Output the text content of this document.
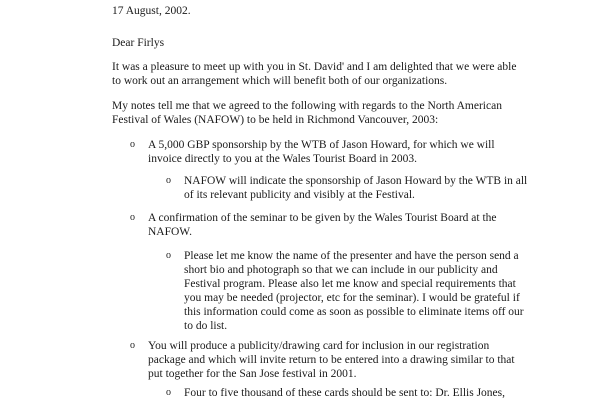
17 August, 2002.
Dear Firlys
It was a pleasure to meet up with you in St. David' and I am delighted that we were able
to work out an arrangement which will benefit both of our organizations.
My notes tell me that we agreed to the following with regards to the North American
Festival of Wales (NAFOW) to be held in Richmond Vancouver, 2003:
o A 5,000 GBP sponsorship by the WTB of Jason Howard, for which we will
invoice directly to you at the Wales Tourist Board in 2003.
o NAFOW will indicate the sponsorship of Jason Howard by the WTB in all
of its relevant publicity and visibly at the Festival.
o A confirmation of the seminar to be given by the Wales Tourist Board at the
NAFOW.
o Please let me know the name of the presenter and have the person send a
short bio and photograph so that we can include in our publicity and
Festival program. Please also let me know and special requirements that
you may be needed (projector, etc for the seminar). I would be grateful if
this information could come as soon as possible to eliminate items off our
to do list.
o You will produce a publicity/drawing card for inclusion in our registration
package and which will invite return to be entered into a drawing similar to that
put together for the San Jose festival in 2001.
o Four to five thousand of these cards should be sent to: Dr. Ellis Jones,
